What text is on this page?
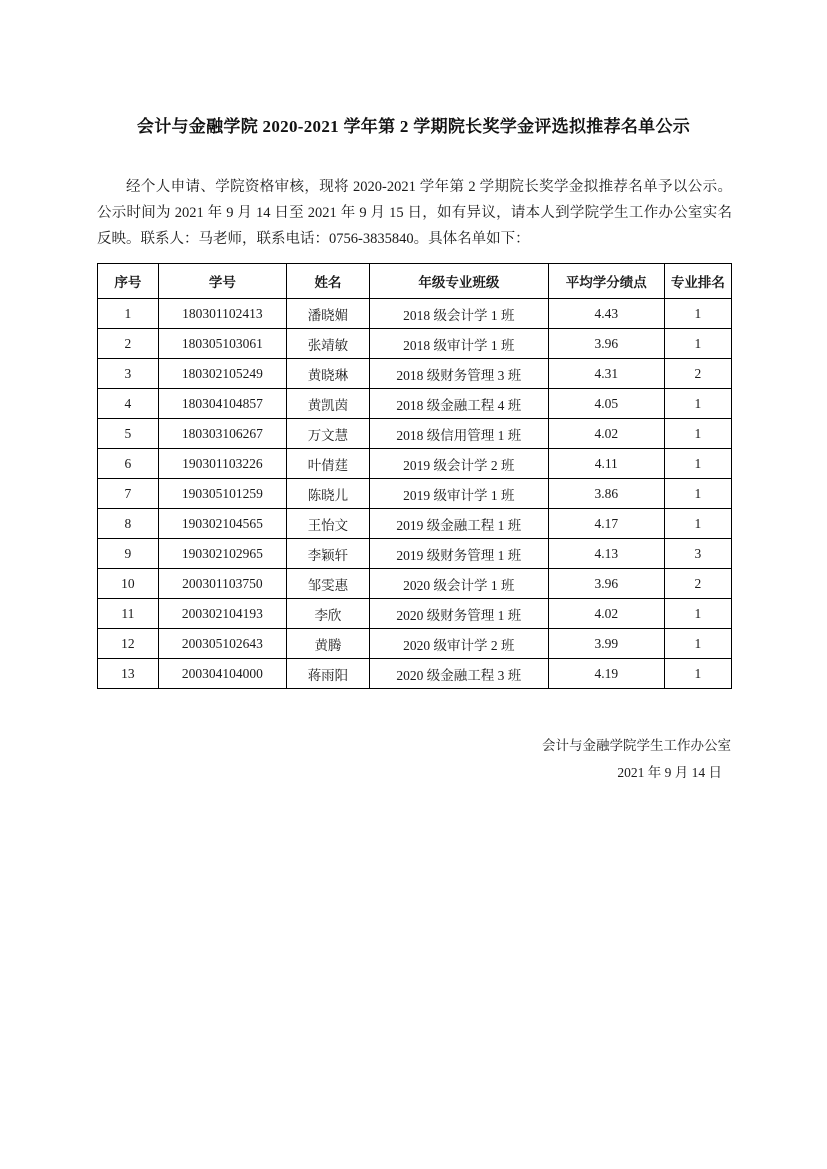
会计与金融学院 2020-2021 学年第 2 学期院长奖学金评选拟推荐名单公示

经个人申请、学院资格审核，现将 2020-2021 学年第 2 学期院长奖学金拟推荐名单予以公示。公示时间为 2021 年 9 月 14 日至 2021 年 9 月 15 日，如有异议，请本人到学院学生工作办公室实名反映。联系人：马老师，联系电话：0756-3835840。具体名单如下：

序号	学号	姓名	年级专业班级	平均学分绩点	专业排名
1	180301102413	潘晓媚	2018 级会计学 1 班	4.43	1
2	180305103061	张靖敏	2018 级审计学 1 班	3.96	1
3	180302105249	黄晓琳	2018 级财务管理 3 班	4.31	2
4	180304104857	黄凯茵	2018 级金融工程 4 班	4.05	1
5	180303106267	万文慧	2018 级信用管理 1 班	4.02	1
6	190301103226	叶倩莛	2019 级会计学 2 班	4.11	1
7	190305101259	陈晓儿	2019 级审计学 1 班	3.86	1
8	190302104565	王怡文	2019 级金融工程 1 班	4.17	1
9	190302102965	李颖轩	2019 级财务管理 1 班	4.13	3
10	200301103750	邹雯惠	2020 级会计学 1 班	3.96	2
11	200302104193	李欣	2020 级财务管理 1 班	4.02	1
12	200305102643	黄腾	2020 级审计学 2 班	3.99	1
13	200304104000	蒋雨阳	2020 级金融工程 3 班	4.19	1
会计与金融学院学生工作办公室
2021 年 9 月 14 日
